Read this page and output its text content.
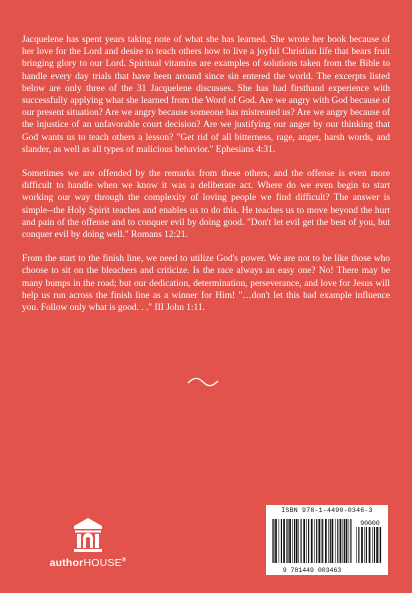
Jacquelene has spent years taking note of what she has learned. She wrote her book because of her love for the Lord and desire to teach others how to live a joyful Christian life that bears fruit bringing glory to our Lord. Spiritual vitamins are examples of solutions taken from the Bible to handle every day trials that have been around since sin entered the world. The excerpts listed below are only three of the 31 Jacquelene discusses. She has had firsthand experience with successfully applying what she learned from the Word of God. Are we angry with God because of our present situation? Are we angry because someone has mistreated us? Are we angry because of the injustice of an unfavorable court decision? Are we justifying our anger by our thinking that God wants us to teach others a lesson? "Get rid of all bitterness, rage, anger, harsh words, and slander, as well as all types of malicious behavior." Ephesians 4:31.

Sometimes we are offended by the remarks from these others, and the offense is even more difficult to handle when we know it was a deliberate act. Where do we even begin to start working our way through the complexity of loving people we find difficult? The answer is simple--the Holy Spirit teaches and enables us to do this. He teaches us to move beyond the hurt and pain of the offense and to conquer evil by doing good. "Don't let evil get the best of you, but conquer evil by doing well." Romans 12:21.

From the start to the finish line, we need to utilize God's power. We are not to be like those who choose to sit on the bleachers and criticize. Is the race always an easy one? No! There may be many bumps in the road; but our dedication, determination, perseverance, and love for Jesus will help us run across the finish line as a winner for Him! "…don't let this bad example influence you. Follow only what is good. . ." III John 1:11.

authorHOUSE®
ISBN 978-1-4490-0346-3
90000
9 781449 003463
